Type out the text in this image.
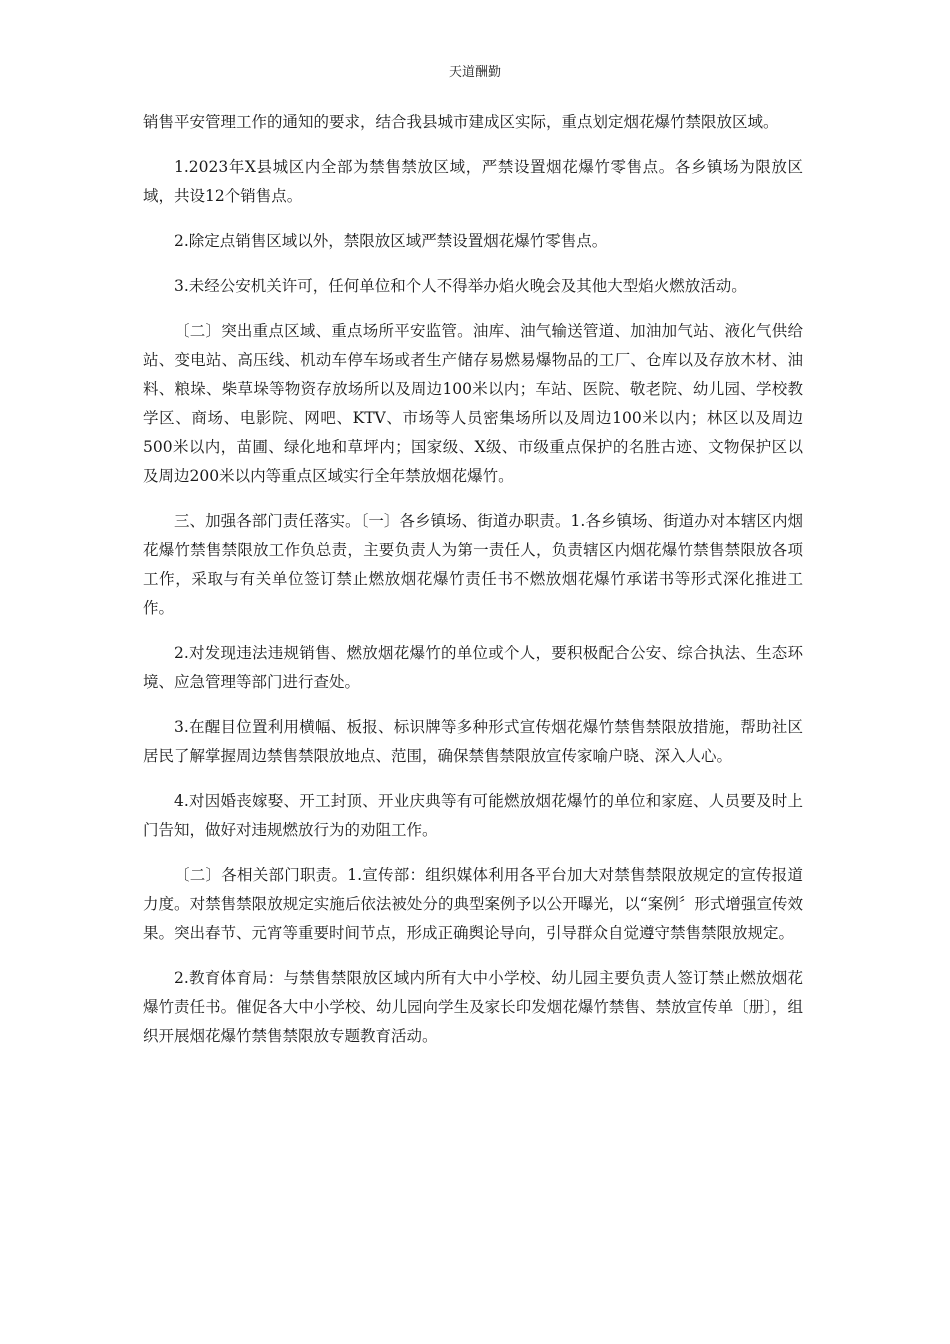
天道酬勤

销售平安管理工作的通知的要求，结合我县城市建成区实际，重点划定烟花爆竹禁限放区域。

1.2023年X县城区内全部为禁售禁放区域，严禁设置烟花爆竹零售点。各乡镇场为限放区域，共设12个销售点。

2.除定点销售区域以外，禁限放区域严禁设置烟花爆竹零售点。

3.未经公安机关许可，任何单位和个人不得举办焰火晚会及其他大型焰火燃放活动。

〔二〕突出重点区域、重点场所平安监管。油库、油气输送管道、加油加气站、液化气供给站、变电站、高压线、机动车停车场或者生产储存易燃易爆物品的工厂、仓库以及存放木材、油料、粮垛、柴草垛等物资存放场所以及周边100米以内；车站、医院、敬老院、幼儿园、学校教学区、商场、电影院、网吧、KTV、市场等人员密集场所以及周边100米以内；林区以及周边500米以内，苗圃、绿化地和草坪内；国家级、X级、市级重点保护的名胜古迹、文物保护区以及周边200米以内等重点区域实行全年禁放烟花爆竹。

三、加强各部门责任落实。〔一〕各乡镇场、街道办职责。1.各乡镇场、街道办对本辖区内烟花爆竹禁售禁限放工作负总责，主要负责人为第一责任人，负责辖区内烟花爆竹禁售禁限放各项工作，采取与有关单位签订禁止燃放烟花爆竹责任书不燃放烟花爆竹承诺书等形式深化推进工作。

2.对发现违法违规销售、燃放烟花爆竹的单位或个人，要积极配合公安、综合执法、生态环境、应急管理等部门进行查处。

3.在醒目位置利用横幅、板报、标识牌等多种形式宣传烟花爆竹禁售禁限放措施，帮助社区居民了解掌握周边禁售禁限放地点、范围，确保禁售禁限放宣传家喻户晓、深入人心。

4.对因婚丧嫁娶、开工封顶、开业庆典等有可能燃放烟花爆竹的单位和家庭、人员要及时上门告知，做好对违规燃放行为的劝阻工作。

〔二〕各相关部门职责。1.宣传部：组织媒体利用各平台加大对禁售禁限放规定的宣传报道力度。对禁售禁限放规定实施后依法被处分的典型案例予以公开曝光，以“案例〞形式增强宣传效果。突出春节、元宵等重要时间节点，形成正确舆论导向，引导群众自觉遵守禁售禁限放规定。

2.教育体育局：与禁售禁限放区域内所有大中小学校、幼儿园主要负责人签订禁止燃放烟花爆竹责任书。催促各大中小学校、幼儿园向学生及家长印发烟花爆竹禁售、禁放宣传单〔册〕，组织开展烟花爆竹禁售禁限放专题教育活动。
